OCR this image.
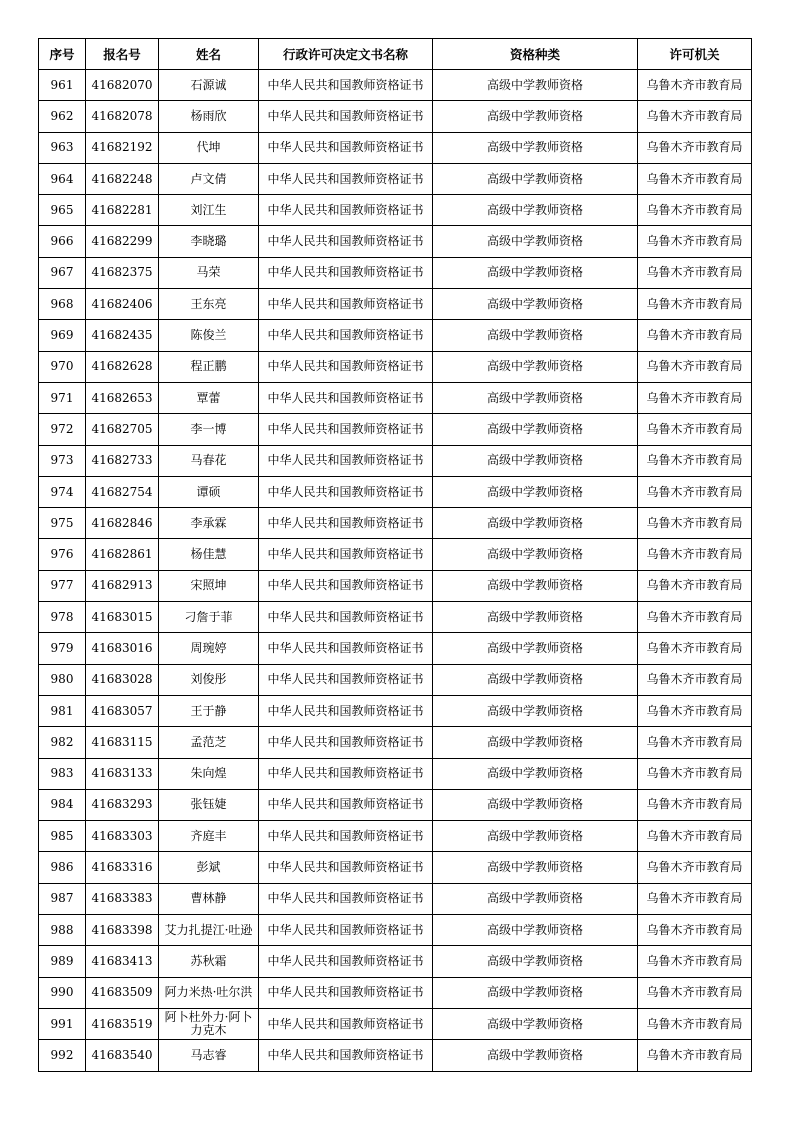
序号	报名号	姓名	行政许可决定文书名称	资格种类	许可机关
961	41682070	石源诚	中华人民共和国教师资格证书	高级中学教师资格	乌鲁木齐市教育局
962	41682078	杨雨欣	中华人民共和国教师资格证书	高级中学教师资格	乌鲁木齐市教育局
963	41682192	代坤	中华人民共和国教师资格证书	高级中学教师资格	乌鲁木齐市教育局
964	41682248	卢文倩	中华人民共和国教师资格证书	高级中学教师资格	乌鲁木齐市教育局
965	41682281	刘江生	中华人民共和国教师资格证书	高级中学教师资格	乌鲁木齐市教育局
966	41682299	李晓璐	中华人民共和国教师资格证书	高级中学教师资格	乌鲁木齐市教育局
967	41682375	马荣	中华人民共和国教师资格证书	高级中学教师资格	乌鲁木齐市教育局
968	41682406	王东亮	中华人民共和国教师资格证书	高级中学教师资格	乌鲁木齐市教育局
969	41682435	陈俊兰	中华人民共和国教师资格证书	高级中学教师资格	乌鲁木齐市教育局
970	41682628	程正鹏	中华人民共和国教师资格证书	高级中学教师资格	乌鲁木齐市教育局
971	41682653	覃蕾	中华人民共和国教师资格证书	高级中学教师资格	乌鲁木齐市教育局
972	41682705	李一博	中华人民共和国教师资格证书	高级中学教师资格	乌鲁木齐市教育局
973	41682733	马春花	中华人民共和国教师资格证书	高级中学教师资格	乌鲁木齐市教育局
974	41682754	谭硕	中华人民共和国教师资格证书	高级中学教师资格	乌鲁木齐市教育局
975	41682846	李承霖	中华人民共和国教师资格证书	高级中学教师资格	乌鲁木齐市教育局
976	41682861	杨佳慧	中华人民共和国教师资格证书	高级中学教师资格	乌鲁木齐市教育局
977	41682913	宋照坤	中华人民共和国教师资格证书	高级中学教师资格	乌鲁木齐市教育局
978	41683015	刁詹于菲	中华人民共和国教师资格证书	高级中学教师资格	乌鲁木齐市教育局
979	41683016	周琬婷	中华人民共和国教师资格证书	高级中学教师资格	乌鲁木齐市教育局
980	41683028	刘俊彤	中华人民共和国教师资格证书	高级中学教师资格	乌鲁木齐市教育局
981	41683057	王于静	中华人民共和国教师资格证书	高级中学教师资格	乌鲁木齐市教育局
982	41683115	孟范芝	中华人民共和国教师资格证书	高级中学教师资格	乌鲁木齐市教育局
983	41683133	朱向煌	中华人民共和国教师资格证书	高级中学教师资格	乌鲁木齐市教育局
984	41683293	张钰婕	中华人民共和国教师资格证书	高级中学教师资格	乌鲁木齐市教育局
985	41683303	齐庭丰	中华人民共和国教师资格证书	高级中学教师资格	乌鲁木齐市教育局
986	41683316	彭斌	中华人民共和国教师资格证书	高级中学教师资格	乌鲁木齐市教育局
987	41683383	曹林静	中华人民共和国教师资格证书	高级中学教师资格	乌鲁木齐市教育局
988	41683398	艾力扎提江·吐逊	中华人民共和国教师资格证书	高级中学教师资格	乌鲁木齐市教育局
989	41683413	苏秋霜	中华人民共和国教师资格证书	高级中学教师资格	乌鲁木齐市教育局
990	41683509	阿力米热·吐尔洪	中华人民共和国教师资格证书	高级中学教师资格	乌鲁木齐市教育局
991	41683519	阿卜杜外力·阿卜力克木	中华人民共和国教师资格证书	高级中学教师资格	乌鲁木齐市教育局
992	41683540	马志睿	中华人民共和国教师资格证书	高级中学教师资格	乌鲁木齐市教育局
